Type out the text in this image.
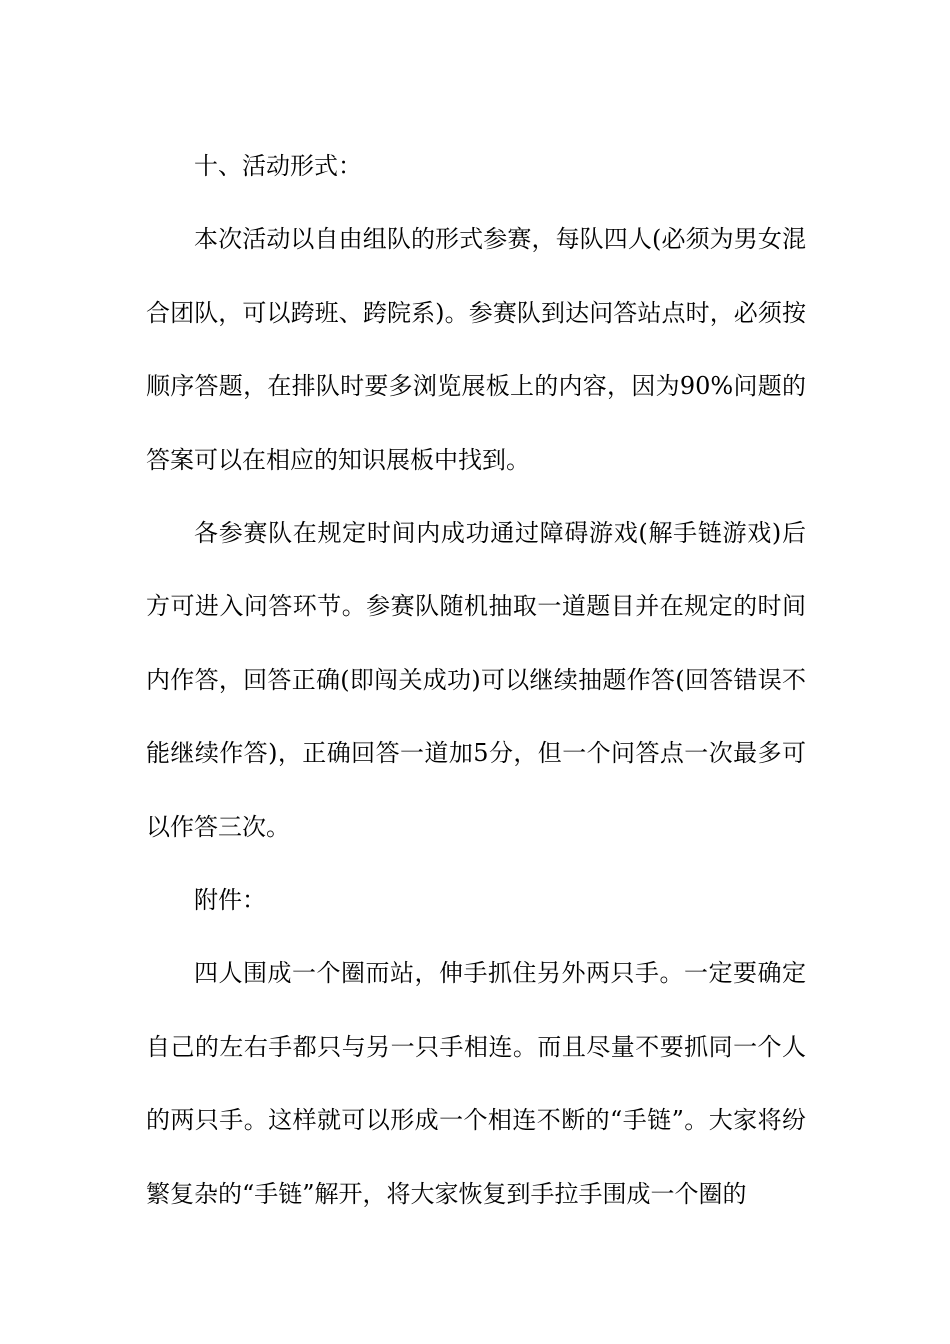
十、活动形式：

本次活动以自由组队的形式参赛，每队四人(必须为男女混合团队，可以跨班、跨院系)。参赛队到达问答站点时，必须按顺序答题，在排队时要多浏览展板上的内容，因为90%问题的答案可以在相应的知识展板中找到。

各参赛队在规定时间内成功通过障碍游戏(解手链游戏)后方可进入问答环节。参赛队随机抽取一道题目并在规定的时间内作答，回答正确(即闯关成功)可以继续抽题作答(回答错误不能继续作答)，正确回答一道加5分，但一个问答点一次最多可以作答三次。

附件：

四人围成一个圈而站，伸手抓住另外两只手。一定要确定自己的左右手都只与另一只手相连。而且尽量不要抓同一个人的两只手。这样就可以形成一个相连不断的“手链”。大家将纷繁复杂的“手链”解开，将大家恢复到手拉手围成一个圈的
